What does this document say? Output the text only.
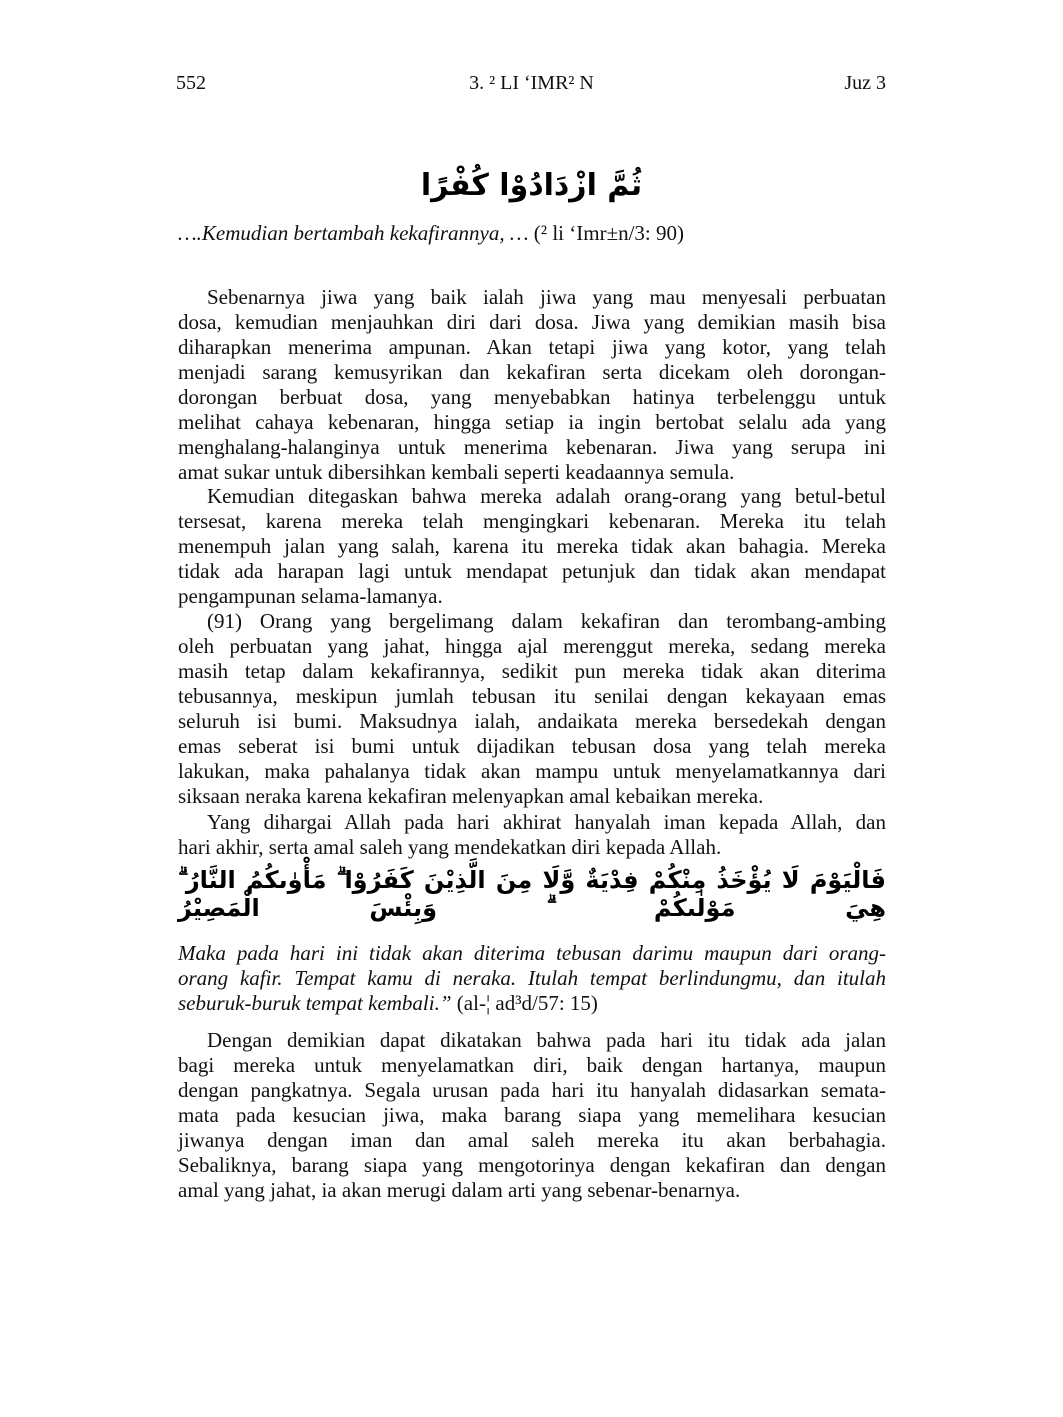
552	3. ² LI ‘IMR² N	Juz 3
ثُمَّ ازْدَادُوْا كُفْرًا
….Kemudian bertambah kekafirannya, … (² li ‘Imr±n/3: 90)
Sebenarnya jiwa yang baik ialah jiwa yang mau menyesali perbuatan
dosa, kemudian menjauhkan diri dari dosa. Jiwa yang demikian masih bisa
diharapkan menerima ampunan. Akan tetapi jiwa yang kotor, yang telah
menjadi sarang kemusyrikan dan kekafiran serta dicekam oleh dorongan-
dorongan berbuat dosa, yang menyebabkan hatinya terbelenggu untuk
melihat cahaya kebenaran, hingga setiap ia ingin bertobat selalu ada yang
menghalang-halanginya untuk menerima kebenaran. Jiwa yang serupa ini
amat sukar untuk dibersihkan kembali seperti keadaannya semula.
Kemudian ditegaskan bahwa mereka adalah orang-orang yang betul-betul
tersesat, karena mereka telah mengingkari kebenaran. Mereka itu telah
menempuh jalan yang salah, karena itu mereka tidak akan bahagia. Mereka
tidak ada harapan lagi untuk mendapat petunjuk dan tidak akan mendapat
pengampunan selama-lamanya.
(91) Orang yang bergelimang dalam kekafiran dan terombang-ambing
oleh perbuatan yang jahat, hingga ajal merenggut mereka, sedang mereka
masih tetap dalam kekafirannya, sedikit pun mereka tidak akan diterima
tebusannya, meskipun jumlah tebusan itu senilai dengan kekayaan emas
seluruh isi bumi. Maksudnya ialah, andaikata mereka bersedekah dengan
emas seberat isi bumi untuk dijadikan tebusan dosa yang telah mereka
lakukan, maka pahalanya tidak akan mampu untuk menyelamatkannya dari
siksaan neraka karena kekafiran melenyapkan amal kebaikan mereka.
Yang dihargai Allah pada hari akhirat hanyalah iman kepada Allah, dan
hari akhir, serta amal saleh yang mendekatkan diri kepada Allah.
فَالْيَوْمَ لَا يُؤْخَذُ مِنْكُمْ فِدْيَةٌ وَّلَا مِنَ الَّذِيْنَ كَفَرُوْا ۗ مَأْوٰىكُمُ النَّارُ ۗ هِيَ مَوْلٰىكُمْ ۗ وَبِئْسَ الْمَصِيْرُ
Maka pada hari ini tidak akan diterima tebusan darimu maupun dari orang-
orang kafir. Tempat kamu di neraka. Itulah tempat berlindungmu, dan itulah
seburuk-buruk tempat kembali.” (al-¦ ad³d/57: 15)
Dengan demikian dapat dikatakan bahwa pada hari itu tidak ada jalan
bagi mereka untuk menyelamatkan diri, baik dengan hartanya, maupun
dengan pangkatnya. Segala urusan pada hari itu hanyalah didasarkan semata-
mata pada kesucian jiwa, maka barang siapa yang memelihara kesucian
jiwanya dengan iman dan amal saleh mereka itu akan berbahagia.
Sebaliknya, barang siapa yang mengotorinya dengan kekafiran dan dengan
amal yang jahat, ia akan merugi dalam arti yang sebenar-benarnya.
